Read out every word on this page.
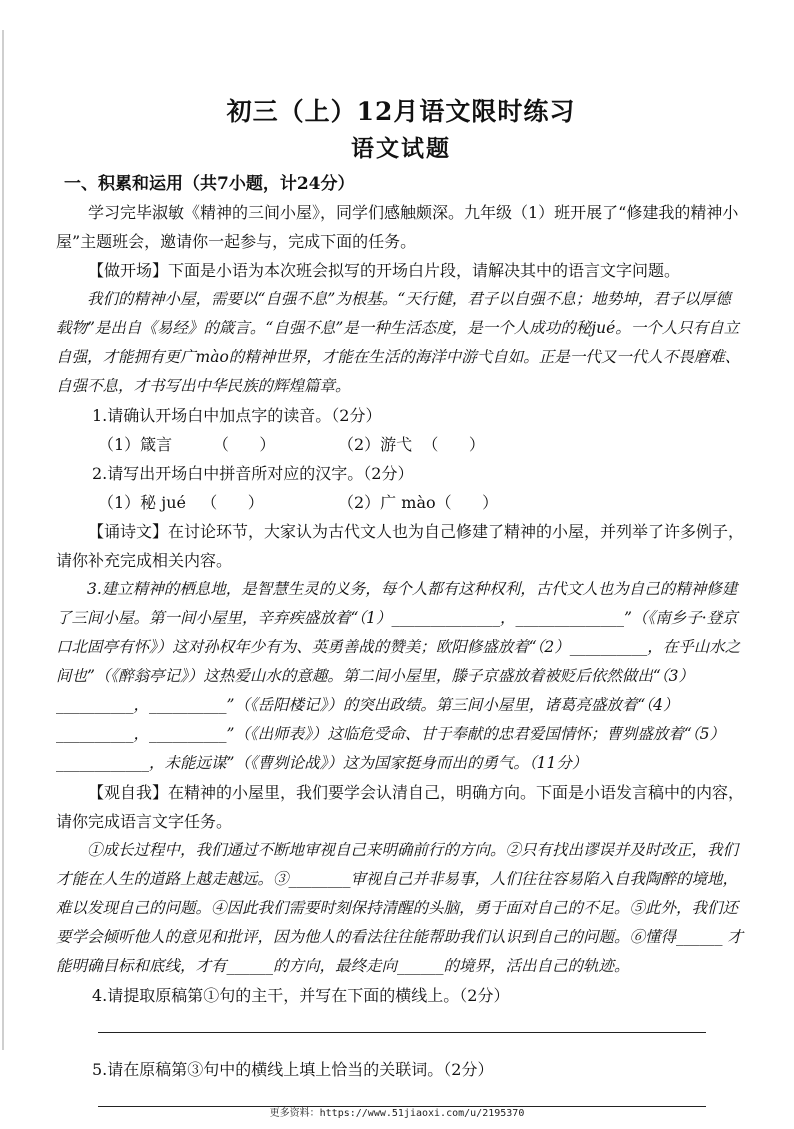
初三（上）12月语文限时练习
语文试题
一、积累和运用（共7小题，计24分）

学习完毕淑敏《精神的三间小屋》，同学们感触颇深。九年级（1）班开展了“修建我的精神小屋”主题班会，邀请你一起参与，完成下面的任务。

【做开场】下面是小语为本次班会拟写的开场白片段，请解决其中的语言文字问题。

我们的精神小屋，需要以“自强不息”为根基。“天行健，君子以自强不息；地势坤，君子以厚德载物”是出自《易经》的箴言。“自强不息”是一种生活态度，是一个人成功的秘jué。一个人只有自立自强，才能拥有更广mào的精神世界，才能在生活的海洋中游弋自如。正是一代又一代人不畏磨难、自强不息，才书写出中华民族的辉煌篇章。

1.请确认开场白中加点字的读音。（2分）
（1）箴言        （      ）	（2）游弋  （      ）
2.请写出开场白中拼音所对应的汉字。（2分）
（1）秘 jué   （      ）	（2）广 mào（      ）

【诵诗文】在讨论环节，大家认为古代文人也为自己修建了精神的小屋，并列举了许多例子，请你补充完成相关内容。

3.建立精神的栖息地，是智慧生灵的义务，每个人都有这种权利，古代文人也为自己的精神修建了三间小屋。第一间小屋里，辛弃疾盛放着“（1）______________，______________”（《南乡子·登京口北固亭有怀》）这对孙权年少有为、英勇善战的赞美；欧阳修盛放着“（2）__________，在乎山水之间也”（《醉翁亭记》）这热爱山水的意趣。第二间小屋里，滕子京盛放着被贬后依然做出“（3）__________，__________”（《岳阳楼记》）的突出政绩。第三间小屋里，诸葛亮盛放着“（4）__________，__________”（《出师表》）这临危受命、甘于奉献的忠君爱国情怀；曹刿盛放着“（5）____________，未能远谋”（《曹刿论战》）这为国家挺身而出的勇气。（11分）

【观自我】在精神的小屋里，我们要学会认清自己，明确方向。下面是小语发言稿中的内容，请你完成语言文字任务。

①成长过程中，我们通过不断地审视自己来明确前行的方向。②只有找出谬误并及时改正，我们才能在人生的道路上越走越远。③________审视自己并非易事，人们往往容易陷入自我陶醉的境地，难以发现自己的问题。④因此我们需要时刻保持清醒的头脑，勇于面对自己的不足。⑤此外，我们还要学会倾听他人的意见和批评，因为他人的看法往往能帮助我们认识到自己的问题。⑥懂得______ 才能明确目标和底线，才有______的方向，最终走向______的境界，活出自己的轨迹。

4.请提取原稿第①句的主干，并写在下面的横线上。（2分）
5.请在原稿第③句中的横线上填上恰当的关联词。（2分）
更多资料：https://www.51jiaoxi.com/u/2195370
